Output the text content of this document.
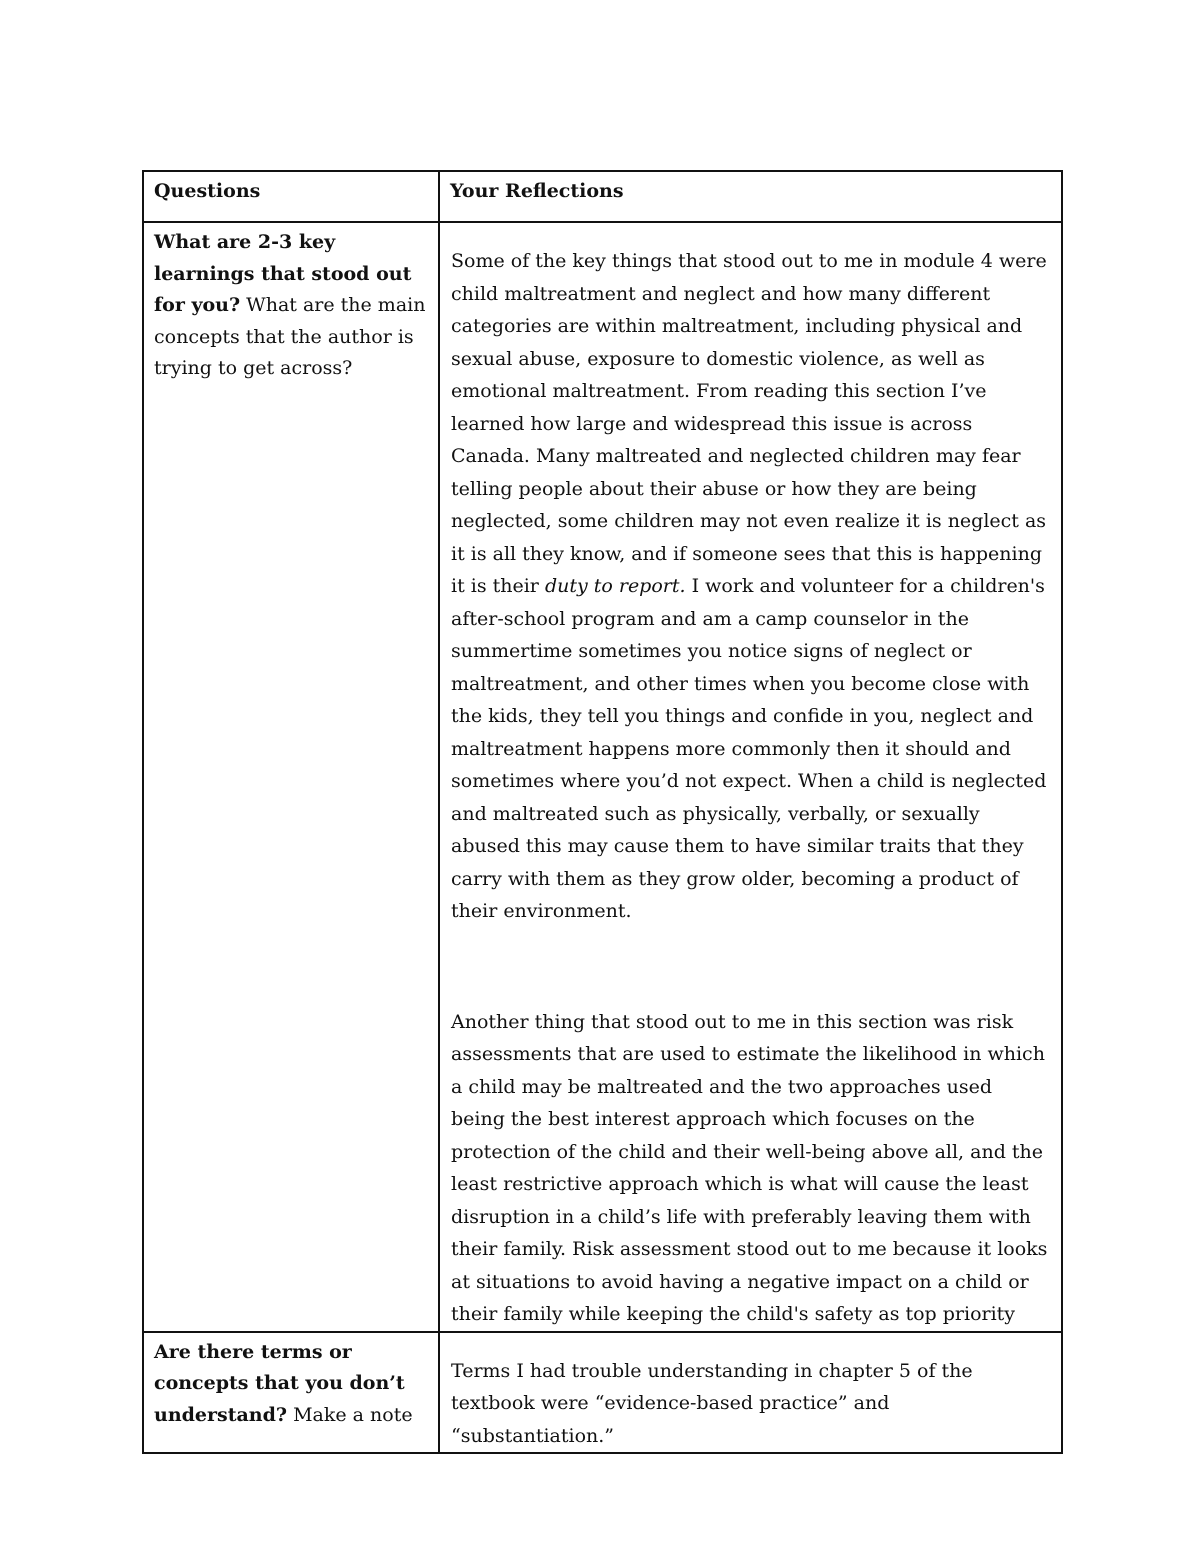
Questions	Your Reflections
What are 2-3 key learnings that stood out for you? What are the main concepts that the author is trying to get across?	Some of the key things that stood out to me in module 4 were child maltreatment and neglect and how many different categories are within maltreatment, including physical and sexual abuse, exposure to domestic violence, as well as emotional maltreatment. From reading this section I’ve learned how large and widespread this issue is across Canada. Many maltreated and neglected children may fear telling people about their abuse or how they are being neglected, some children may not even realize it is neglect as it is all they know, and if someone sees that this is happening it is their duty to report. I work and volunteer for a children's after-school program and am a camp counselor in the summertime sometimes you notice signs of neglect or maltreatment, and other times when you become close with the kids, they tell you things and confide in you, neglect and maltreatment happens more commonly then it should and sometimes where you’d not expect. When a child is neglected and maltreated such as physically, verbally, or sexually abused this may cause them to have similar traits that they carry with them as they grow older, becoming a product of their environment.

Another thing that stood out to me in this section was risk assessments that are used to estimate the likelihood in which a child may be maltreated and the two approaches used being the best interest approach which focuses on the protection of the child and their well-being above all, and the least restrictive approach which is what will cause the least disruption in a child’s life with preferably leaving them with their family. Risk assessment stood out to me because it looks at situations to avoid having a negative impact on a child or their family while keeping the child's safety as top priority

Are there terms or concepts that you don’t understand? Make a note	Terms I had trouble understanding in chapter 5 of the textbook were “evidence-based practice” and “substantiation.”
